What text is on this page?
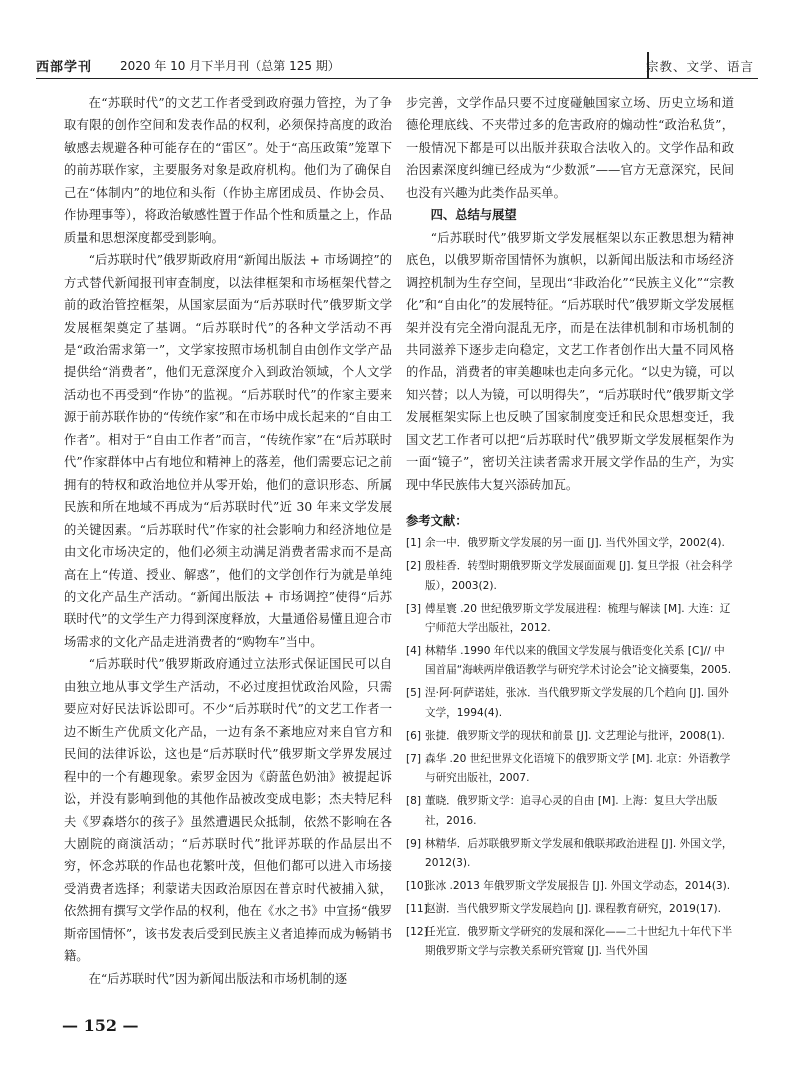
西部学刊 2020 年 10 月下半月刊（总第 125 期）	宗教、文学、语言

在“苏联时代”的文艺工作者受到政府强力管控，为了争取有限的创作空间和发表作品的权利，必须保持高度的政治敏感去规避各种可能存在的“雷区”。处于“高压政策”笼罩下的前苏联作家，主要服务对象是政府机构。他们为了确保自己在“体制内”的地位和头衔（作协主席团成员、作协会员、作协理事等），将政治敏感性置于作品个性和质量之上，作品质量和思想深度都受到影响。

“后苏联时代”俄罗斯政府用“新闻出版法 + 市场调控”的方式替代新闻报刊审查制度，以法律框架和市场框架代替之前的政治管控框架，从国家层面为“后苏联时代”俄罗斯文学发展框架奠定了基调。“后苏联时代”的各种文学活动不再是“政治需求第一”，文学家按照市场机制自由创作文学产品提供给“消费者”，他们无意深度介入到政治领域，个人文学活动也不再受到“作协”的监视。“后苏联时代”的作家主要来源于前苏联作协的“传统作家”和在市场中成长起来的“自由工作者”。相对于“自由工作者”而言，“传统作家”在“后苏联时代”作家群体中占有地位和精神上的落差，他们需要忘记之前拥有的特权和政治地位并从零开始，他们的意识形态、所属民族和所在地域不再成为“后苏联时代”近 30 年来文学发展的关键因素。“后苏联时代”作家的社会影响力和经济地位是由文化市场决定的，他们必须主动满足消费者需求而不是高高在上“传道、授业、解惑”，他们的文学创作行为就是单纯的文化产品生产活动。“新闻出版法 + 市场调控”使得“后苏联时代”的文学生产力得到深度释放，大量通俗易懂且迎合市场需求的文化产品走进消费者的“购物车”当中。

“后苏联时代”俄罗斯政府通过立法形式保证国民可以自由独立地从事文学生产活动，不必过度担忧政治风险，只需要应对好民法诉讼即可。不少“后苏联时代”的文艺工作者一边不断生产优质文化产品，一边有条不紊地应对来自官方和民间的法律诉讼，这也是“后苏联时代”俄罗斯文学界发展过程中的一个有趣现象。索罗金因为《蔚蓝色奶油》被提起诉讼，并没有影响到他的其他作品被改变成电影；杰夫特尼科夫《罗森塔尔的孩子》虽然遭遇民众抵制，依然不影响在各大剧院的商演活动；“后苏联时代”批评苏联的作品层出不穷，怀念苏联的作品也花繁叶茂，但他们都可以进入市场接受消费者选择；利蒙诺夫因政治原因在普京时代被捕入狱，依然拥有撰写文学作品的权利，他在《水之书》中宣扬“俄罗斯帝国情怀”，该书发表后受到民族主义者追捧而成为畅销书籍。

在“后苏联时代”因为新闻出版法和市场机制的逐

步完善，文学作品只要不过度碰触国家立场、历史立场和道德伦理底线、不夹带过多的危害政府的煽动性“政治私货”，一般情况下都是可以出版并获取合法收入的。文学作品和政治因素深度纠缠已经成为“少数派”——官方无意深究，民间也没有兴趣为此类作品买单。

四、总结与展望

“后苏联时代”俄罗斯文学发展框架以东正教思想为精神底色，以俄罗斯帝国情怀为旗帜，以新闻出版法和市场经济调控机制为生存空间，呈现出“非政治化”“民族主义化”“宗教化”和“自由化”的发展特征。“后苏联时代”俄罗斯文学发展框架并没有完全滑向混乱无序，而是在法律机制和市场机制的共同滋养下逐步走向稳定，文艺工作者创作出大量不同风格的作品，消费者的审美趣味也走向多元化。“以史为镜，可以知兴替；以人为镜，可以明得失”，“后苏联时代”俄罗斯文学发展框架实际上也反映了国家制度变迁和民众思想变迁，我国文艺工作者可以把“后苏联时代”俄罗斯文学发展框架作为一面“镜子”，密切关注读者需求开展文学作品的生产，为实现中华民族伟大复兴添砖加瓦。

参考文献：
[1] 余一中．俄罗斯文学发展的另一面 [J]. 当代外国文学，2002(4).
[2] 殷桂香．转型时期俄罗斯文学发展面面观 [J]. 复旦学报（社会科学版），2003(2).
[3] 傅星寰 .20 世纪俄罗斯文学发展进程：梳理与解读 [M]. 大连：辽宁师范大学出版社，2012.
[4] 林精华 .1990 年代以来的俄国文学发展与俄语变化关系 [C]// 中国首届“海峡两岸俄语教学与研究学术讨论会”论文摘要集，2005.
[5] 涅·阿·阿萨诺娃，张冰．当代俄罗斯文学发展的几个趋向 [J]. 国外文学，1994(4).
[6] 张捷．俄罗斯文学的现状和前景 [J]. 文艺理论与批评，2008(1).
[7] 森华 .20 世纪世界文化语境下的俄罗斯文学 [M]. 北京：外语教学与研究出版社，2007.
[8] 董晓．俄罗斯文学：追寻心灵的自由 [M]. 上海：复旦大学出版社，2016.
[9] 林精华．后苏联俄罗斯文学发展和俄联邦政治进程 [J]. 外国文学，2012(3).
[10]张冰 .2013 年俄罗斯文学发展报告 [J]. 外国文学动态，2014(3).
[11]赵澍．当代俄罗斯文学发展趋向 [J]. 课程教育研究，2019(17).
[12]任光宣．俄罗斯文学研究的发展和深化——二十世纪九十年代下半期俄罗斯文学与宗教关系研究管窥 [J]. 当代外国
— 152 —
